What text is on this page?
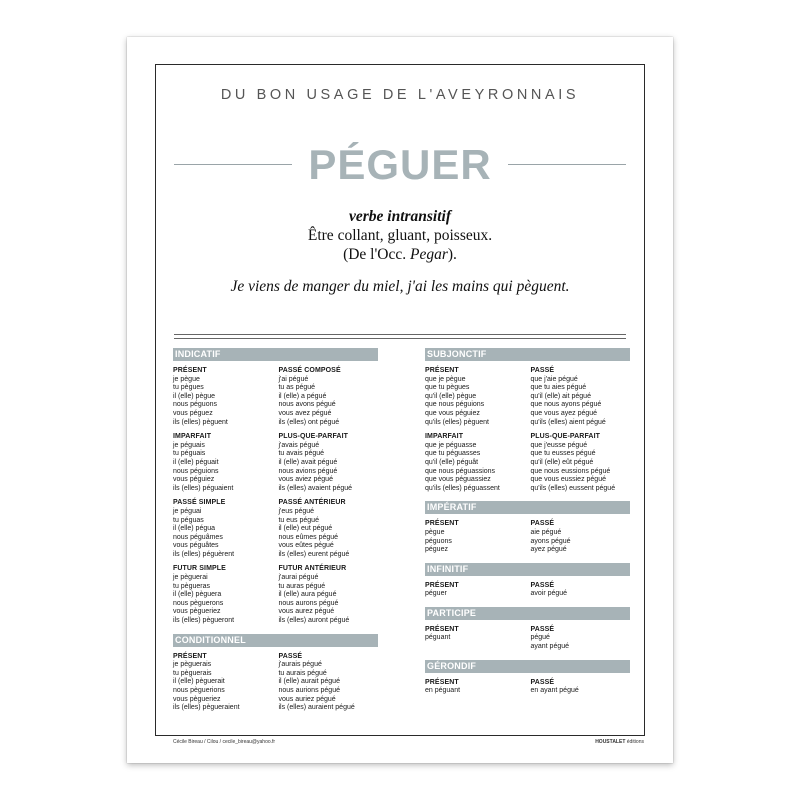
DU BON USAGE DE L'AVEYRONNAIS
PÉGUER
verbe intransitif
Être collant, gluant, poisseux.
(De l'Occ. Pegar).
Je viens de manger du miel, j'ai les mains qui pèguent.
INDICATIF
PRÉSENT
je pègue
tu pègues
il (elle) pègue
nous péguons
vous péguez
ils (elles) pèguent
PASSÉ COMPOSÉ
j'ai pégué
tu as pégué
il (elle) a pégué
nous avons pégué
vous avez pégué
ils (elles) ont pégué
IMPARFAIT
je péguais
tu péguais
il (elle) péguait
nous péguions
vous péguiez
ils (elles) péguaient
PLUS-QUE-PARFAIT
j'avais pégué
tu avais pégué
il (elle) avait pégué
nous avions pégué
vous aviez pégué
ils (elles) avaient pégué
PASSÉ SIMPLE
je péguai
tu péguas
il (elle) pégua
nous péguâmes
vous péguâtes
ils (elles) péguèrent
PASSÉ ANTÉRIEUR
j'eus pégué
tu eus pégué
il (elle) eut pégué
nous eûmes pégué
vous eûtes pégué
ils (elles) eurent pégué
FUTUR SIMPLE
je pèguerai
tu pègueras
il (elle) pèguera
nous pèguerons
vous pègueriez
ils (elles) pègueront
FUTUR ANTÉRIEUR
j'aurai pégué
tu auras pégué
il (elle) aura pégué
nous aurons pégué
vous aurez pégué
ils (elles) auront pégué
CONDITIONNEL
PRÉSENT
je pèguerais
tu pèguerais
il (elle) pèguerait
nous pèguerions
vous pègueriez
ils (elles) pègueraient
PASSÉ
j'aurais pégué
tu aurais pégué
il (elle) aurait pégué
nous aurions pégué
vous auriez pégué
ils (elles) auraient pégué
SUBJONCTIF
PRÉSENT
que je pègue
que tu pègues
qu'il (elle) pègue
que nous péguions
que vous péguiez
qu'ils (elles) pèguent
PASSÉ
que j'aie pégué
que tu aies pégué
qu'il (elle) ait pégué
que nous ayons pégué
que vous ayez pégué
qu'ils (elles) aient pégué
IMPARFAIT
que je péguasse
que tu péguasses
qu'il (elle) péguât
que nous péguassions
que vous péguassiez
qu'ils (elles) péguassent
PLUS-QUE-PARFAIT
que j'eusse pégué
que tu eusses pégué
qu'il (elle) eût pégué
que nous eussions pégué
que vous eussiez pégué
qu'ils (elles) eussent pégué
IMPÉRATIF
PRÉSENT
pègue
péguons
péguez
PASSÉ
aie pégué
ayons pégué
ayez pégué
INFINITIF
PRÉSENT
péguer
PASSÉ
avoir pégué
PARTICIPE
PRÉSENT
péguant
PASSÉ
pégué
ayant pégué
GÉRONDIF
PRÉSENT
en péguant
PASSÉ
en ayant pégué
Cécile Bireau / Cilou / cecile_bireau@yahoo.fr	HOUSTALET éditions
